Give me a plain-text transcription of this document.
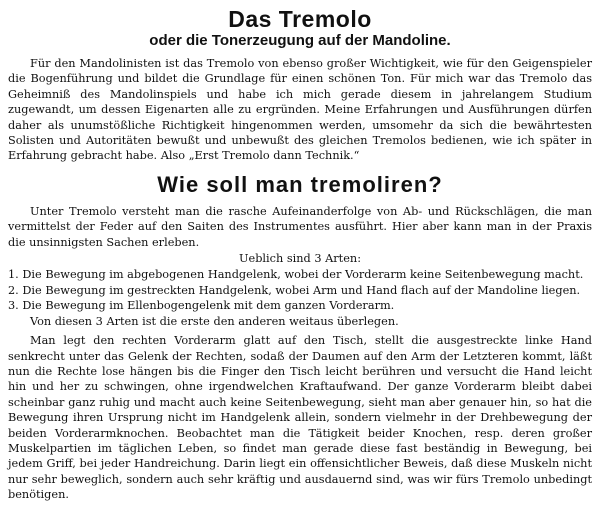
Das Tremolo
oder die Tonerzeugung auf der Mandoline.

Für den Mandolinisten ist das Tremolo von ebenso großer Wichtigkeit, wie für den Geigenspieler die Bogenführung und bildet die Grundlage für einen schönen Ton. Für mich war das Tremolo das Geheimniß des Mandolinspiels und habe ich mich gerade diesem in jahrelangem Studium zugewandt, um dessen Eigenarten alle zu ergründen. Meine Erfahrungen und Ausführungen dürfen daher als unumstößliche Richtigkeit hingenommen werden, umsomehr da sich die bewährtesten Solisten und Autoritäten bewußt und unbewußt des gleichen Tremolos bedienen, wie ich später in Erfahrung gebracht habe. Also „Erst Tremolo dann Technik.“

Wie soll man tremoliren?

Unter Tremolo versteht man die rasche Aufeinanderfolge von Ab- und Rückschlägen, die man vermittelst der Feder auf den Saiten des Instrumentes ausführt. Hier aber kann man in der Praxis die unsinnigsten Sachen erleben.

Ueblich sind 3 Arten:

1. Die Bewegung im abgebogenen Handgelenk, wobei der Vorderarm keine Seitenbewegung macht.
2. Die Bewegung im gestreckten Handgelenk, wobei Arm und Hand flach auf der Mandoline liegen.
3. Die Bewegung im Ellenbogengelenk mit dem ganzen Vorderarm.

Von diesen 3 Arten ist die erste den anderen weitaus überlegen.

Man legt den rechten Vorderarm glatt auf den Tisch, stellt die ausgestreckte linke Hand senkrecht unter das Gelenk der Rechten, sodaß der Daumen auf den Arm der Letzteren kommt, läßt nun die Rechte lose hängen bis die Finger den Tisch leicht berühren und versucht die Hand leicht hin und her zu schwingen, ohne irgendwelchen Kraftaufwand. Der ganze Vorderarm bleibt dabei scheinbar ganz ruhig und macht auch keine Seitenbewegung, sieht man aber genauer hin, so hat die Bewegung ihren Ursprung nicht im Handgelenk allein, sondern vielmehr in der Drehbewegung der beiden Vorderarmknochen. Beobachtet man die Tätigkeit beider Knochen, resp. deren großer Muskelpartien im täglichen Leben, so findet man gerade diese fast beständig in Bewegung, bei jedem Griff, bei jeder Handreichung. Darin liegt ein offensichtlicher Beweis, daß diese Muskeln nicht nur sehr beweglich, sondern auch sehr kräftig und ausdauernd sind, was wir fürs Tremolo unbedingt benötigen.
